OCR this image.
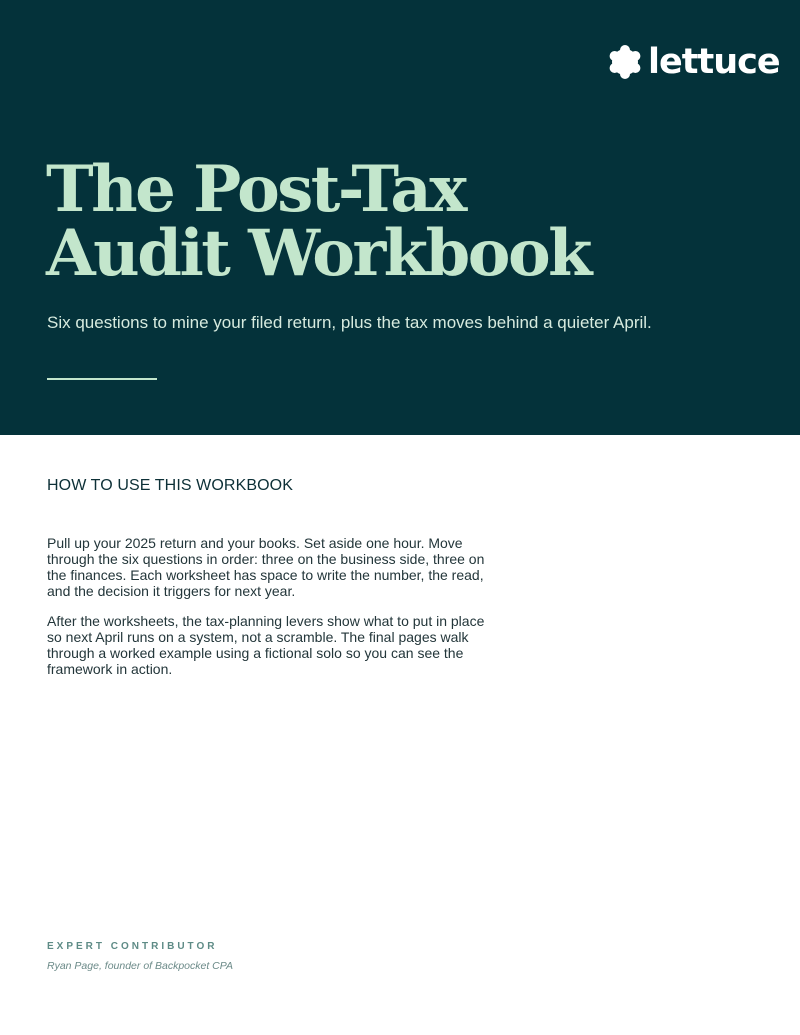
lettuce
The Post-Tax
Audit Workbook

Six questions to mine your filed return, plus the tax moves behind a quieter April.

HOW TO USE THIS WORKBOOK

Pull up your 2025 return and your books. Set aside one hour. Move through the six questions in order: three on the business side, three on the finances. Each worksheet has space to write the number, the read, and the decision it triggers for next year.

After the worksheets, the tax-planning levers show what to put in place so next April runs on a system, not a scramble. The final pages walk through a worked example using a fictional solo so you can see the framework in action.

EXPERT CONTRIBUTOR

Ryan Page, founder of Backpocket CPA
